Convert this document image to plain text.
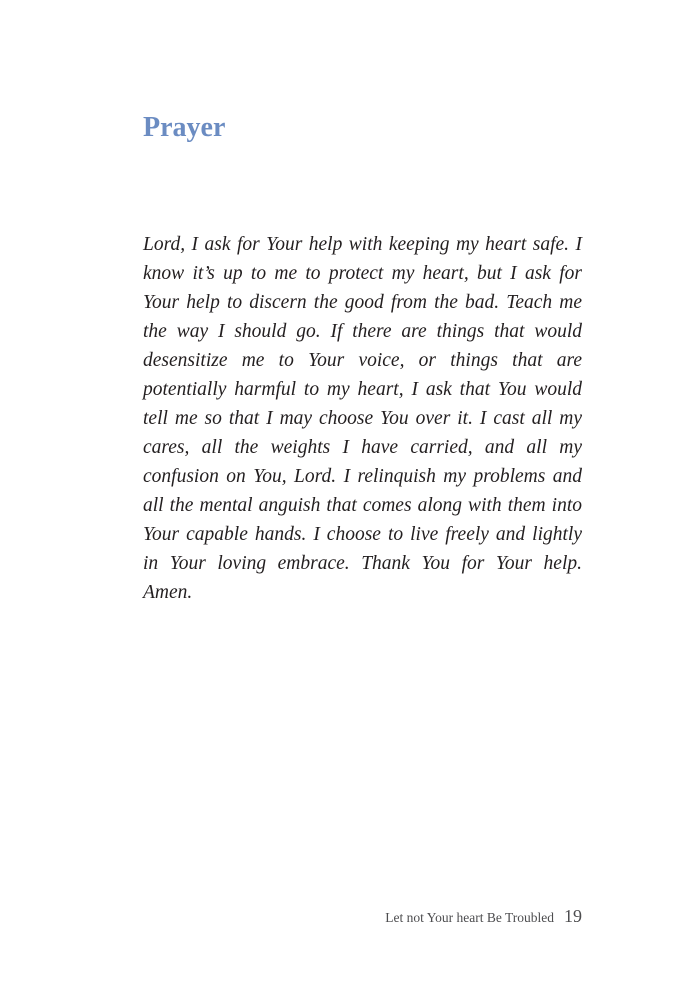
Prayer

Lord, I ask for Your help with keeping my heart safe. I know it’s up to me to protect my heart, but I ask for Your help to discern the good from the bad. Teach me the way I should go. If there are things that would desensitize me to Your voice, or things that are potentially harmful to my heart, I ask that You would tell me so that I may choose You over it. I cast all my cares, all the weights I have carried, and all my confusion on You, Lord. I relinquish my problems and all the mental anguish that comes along with them into Your capable hands. I choose to live freely and lightly in Your loving embrace. Thank You for Your help. Amen.

Let not Your heart Be Troubled 19
